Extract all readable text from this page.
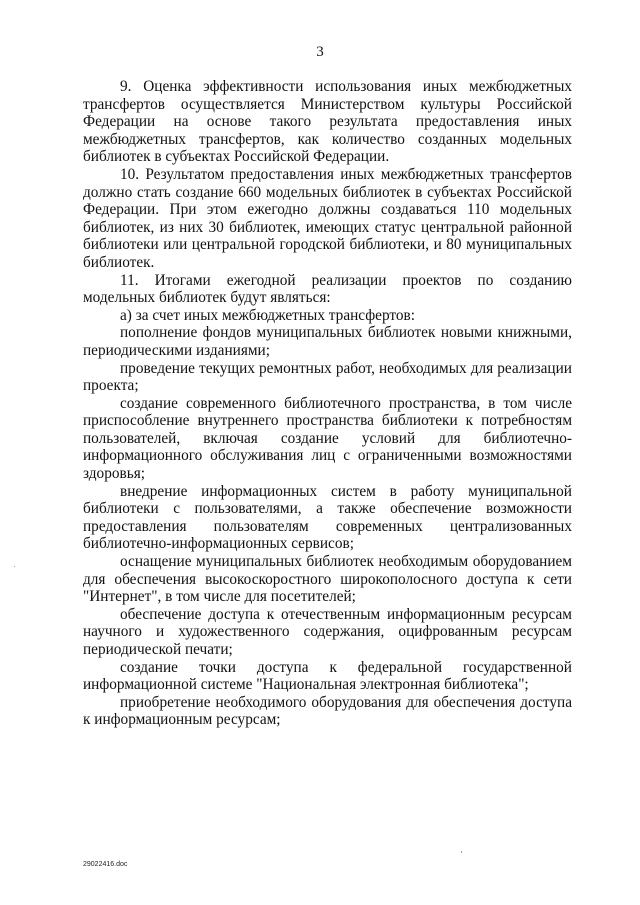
3

9. Оценка эффективности использования иных межбюджетных трансфертов осуществляется Министерством культуры Российской Федерации на основе такого результата предоставления иных межбюджетных трансфертов, как количество созданных модельных библиотек в субъектах Российской Федерации.

10. Результатом предоставления иных межбюджетных трансфертов должно стать создание 660 модельных библиотек в субъектах Российской Федерации. При этом ежегодно должны создаваться 110 модельных библиотек, из них 30 библиотек, имеющих статус центральной районной библиотеки или центральной городской библиотеки, и 80 муниципальных библиотек.

11. Итогами ежегодной реализации проектов по созданию модельных библиотек будут являться:

а) за счет иных межбюджетных трансфертов:

пополнение фондов муниципальных библиотек новыми книжными, периодическими изданиями;

проведение текущих ремонтных работ, необходимых для реализации проекта;

создание современного библиотечного пространства, в том числе приспособление внутреннего пространства библиотеки к потребностям пользователей, включая создание условий для библиотечно-информационного обслуживания лиц с ограниченными возможностями здоровья;

внедрение информационных систем в работу муниципальной библиотеки с пользователями, а также обеспечение возможности предоставления пользователям современных централизованных библиотечно-информационных сервисов;

оснащение муниципальных библиотек необходимым оборудованием для обеспечения высокоскоростного широкополосного доступа к сети "Интернет", в том числе для посетителей;

обеспечение доступа к отечественным информационным ресурсам научного и художественного содержания, оцифрованным ресурсам периодической печати;

создание точки доступа к федеральной государственной информационной системе "Национальная электронная библиотека";

приобретение необходимого оборудования для обеспечения доступа к информационным ресурсам;

29022416.doc
